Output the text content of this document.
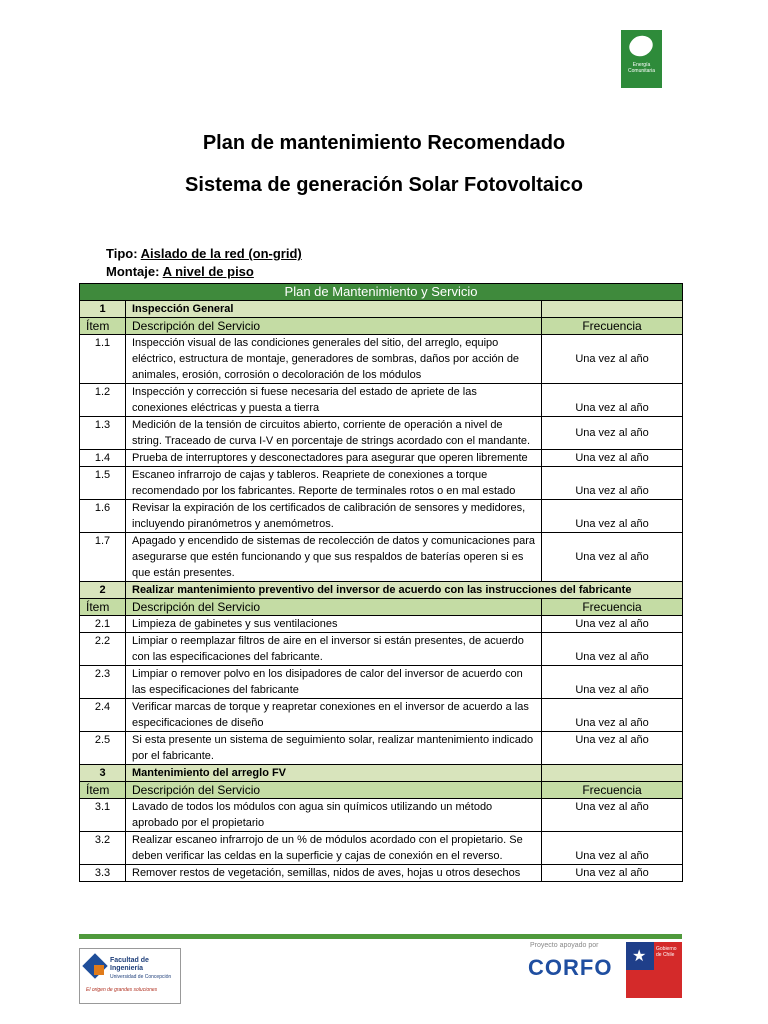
Energía Comunitaria
Plan de mantenimiento Recomendado
Sistema de generación Solar Fotovoltaico
Tipo: Aislado de la red (on-grid)
Montaje: A nivel de piso
Plan de Mantenimiento y Servicio		
1	Inspección General	
Ítem	Descripción del Servicio	Frecuencia
1.1	Inspección visual de las condiciones generales del sitio, del arreglo, equipo eléctrico, estructura de montaje, generadores de sombras, daños por acción de animales, erosión, corrosión o decoloración de los módulos	Una vez al año
1.2	Inspección y corrección si fuese necesaria del estado de apriete de las conexiones eléctricas y puesta a tierra	Una vez al año
1.3	Medición de la tensión de circuitos abierto, corriente de operación a nivel de string. Traceado de curva I-V en porcentaje de strings acordado con el mandante.	Una vez al año
1.4	Prueba de interruptores y desconectadores para asegurar que operen libremente	Una vez al año
1.5	Escaneo infrarrojo de cajas y tableros. Reapriete de conexiones a torque recomendado por los fabricantes. Reporte de terminales rotos o en mal estado	Una vez al año
1.6	Revisar la expiración de los certificados de calibración de sensores y medidores, incluyendo piranómetros y anemómetros.	Una vez al año
1.7	Apagado y encendido de sistemas de recolección de datos y comunicaciones para asegurarse que estén funcionando y que sus respaldos de baterías operen si es que están presentes.	Una vez al año
2	Realizar mantenimiento preventivo del inversor de acuerdo con las instrucciones del fabricante	
Ítem	Descripción del Servicio	Frecuencia
2.1	Limpieza de gabinetes y sus ventilaciones	Una vez al año
2.2	Limpiar o reemplazar filtros de aire en el inversor si están presentes, de acuerdo con las especificaciones del fabricante.	Una vez al año
2.3	Limpiar o remover polvo en los disipadores de calor del inversor de acuerdo con las especificaciones del fabricante	Una vez al año
2.4	Verificar marcas de torque y reapretar conexiones en el inversor de acuerdo a las especificaciones de diseño	Una vez al año
2.5	Si esta presente un sistema de seguimiento solar, realizar mantenimiento indicado por el fabricante.	Una vez al año
3	Mantenimiento del arreglo FV	
Ítem	Descripción del Servicio	Frecuencia
3.1	Lavado de todos los módulos con agua sin químicos utilizando un método aprobado por el propietario	Una vez al año
3.2	Realizar escaneo infrarrojo de un % de módulos acordado con el propietario. Se deben verificar las celdas en la superficie y cajas de conexión en el reverso.	Una vez al año
3.3	Remover restos de vegetación, semillas, nidos de aves, hojas u otros desechos	Una vez al año
Facultad de Ingeniería
Universidad de Concepción
El origen de grandes soluciones
Proyecto apoyado por
CORFO ★ Gobierno de Chile
